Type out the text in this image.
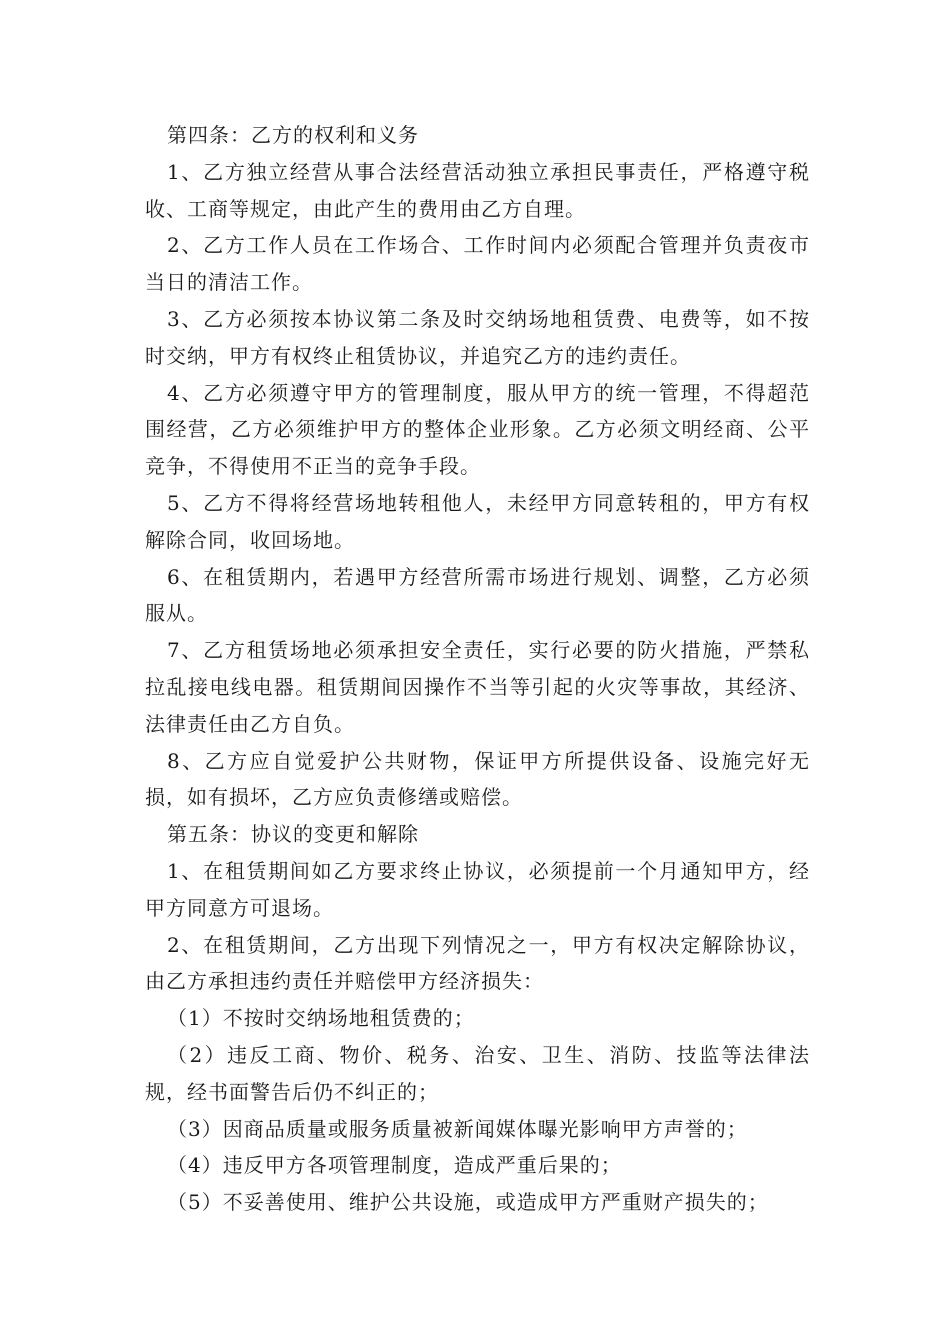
第四条：乙方的权利和义务

1、乙方独立经营从事合法经营活动独立承担民事责任，严格遵守税收、工商等规定，由此产生的费用由乙方自理。

2、乙方工作人员在工作场合、工作时间内必须配合管理并负责夜市当日的清洁工作。

3、乙方必须按本协议第二条及时交纳场地租赁费、电费等，如不按时交纳，甲方有权终止租赁协议，并追究乙方的违约责任。

4、乙方必须遵守甲方的管理制度，服从甲方的统一管理，不得超范围经营，乙方必须维护甲方的整体企业形象。乙方必须文明经商、公平竞争，不得使用不正当的竞争手段。

5、乙方不得将经营场地转租他人，未经甲方同意转租的，甲方有权解除合同，收回场地。

6、在租赁期内，若遇甲方经营所需市场进行规划、调整，乙方必须服从。

7、乙方租赁场地必须承担安全责任，实行必要的防火措施，严禁私拉乱接电线电器。租赁期间因操作不当等引起的火灾等事故，其经济、法律责任由乙方自负。

8、乙方应自觉爱护公共财物，保证甲方所提供设备、设施完好无损，如有损坏，乙方应负责修缮或赔偿。

第五条：协议的变更和解除

1、在租赁期间如乙方要求终止协议，必须提前一个月通知甲方，经甲方同意方可退场。

2、在租赁期间，乙方出现下列情况之一，甲方有权决定解除协议，由乙方承担违约责任并赔偿甲方经济损失：

（1）不按时交纳场地租赁费的；

（2）违反工商、物价、税务、治安、卫生、消防、技监等法律法规，经书面警告后仍不纠正的；

（3）因商品质量或服务质量被新闻媒体曝光影响甲方声誉的；

（4）违反甲方各项管理制度，造成严重后果的；

（5）不妥善使用、维护公共设施，或造成甲方严重财产损失的；
